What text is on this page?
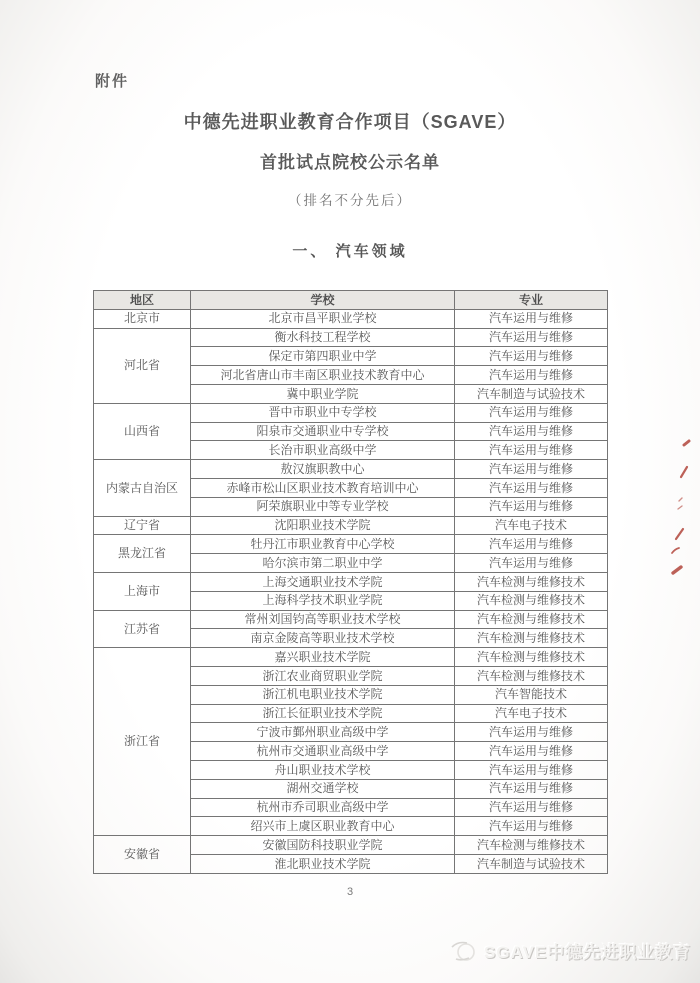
附件
中德先进职业教育合作项目（SGAVE）
首批试点院校公示名单
（排名不分先后）
一、 汽车领域
地区	学校	专业
北京市	北京市昌平职业学校	汽车运用与维修
河北省	衡水科技工程学校	汽车运用与维修
	保定市第四职业中学	汽车运用与维修
	河北省唐山市丰南区职业技术教育中心	汽车运用与维修
	冀中职业学院	汽车制造与试验技术
山西省	晋中市职业中专学校	汽车运用与维修
	阳泉市交通职业中专学校	汽车运用与维修
	长治市职业高级中学	汽车运用与维修
内蒙古自治区	敖汉旗职教中心	汽车运用与维修
	赤峰市松山区职业技术教育培训中心	汽车运用与维修
	阿荣旗职业中等专业学校	汽车运用与维修
辽宁省	沈阳职业技术学院	汽车电子技术
黑龙江省	牡丹江市职业教育中心学校	汽车运用与维修
	哈尔滨市第二职业中学	汽车运用与维修
上海市	上海交通职业技术学院	汽车检测与维修技术
	上海科学技术职业学院	汽车检测与维修技术
江苏省	常州刘国钧高等职业技术学校	汽车检测与维修技术
	南京金陵高等职业技术学校	汽车检测与维修技术
浙江省	嘉兴职业技术学院	汽车检测与维修技术
	浙江农业商贸职业学院	汽车检测与维修技术
	浙江机电职业技术学院	汽车智能技术
	浙江长征职业技术学院	汽车电子技术
	宁波市鄞州职业高级中学	汽车运用与维修
	杭州市交通职业高级中学	汽车运用与维修
	舟山职业技术学校	汽车运用与维修
	湖州交通学校	汽车运用与维修
	杭州市乔司职业高级中学	汽车运用与维修
	绍兴市上虞区职业教育中心	汽车运用与维修
安徽省	安徽国防科技职业学院	汽车检测与维修技术
	淮北职业技术学院	汽车制造与试验技术
3
SGAVE中德先进职业教育
